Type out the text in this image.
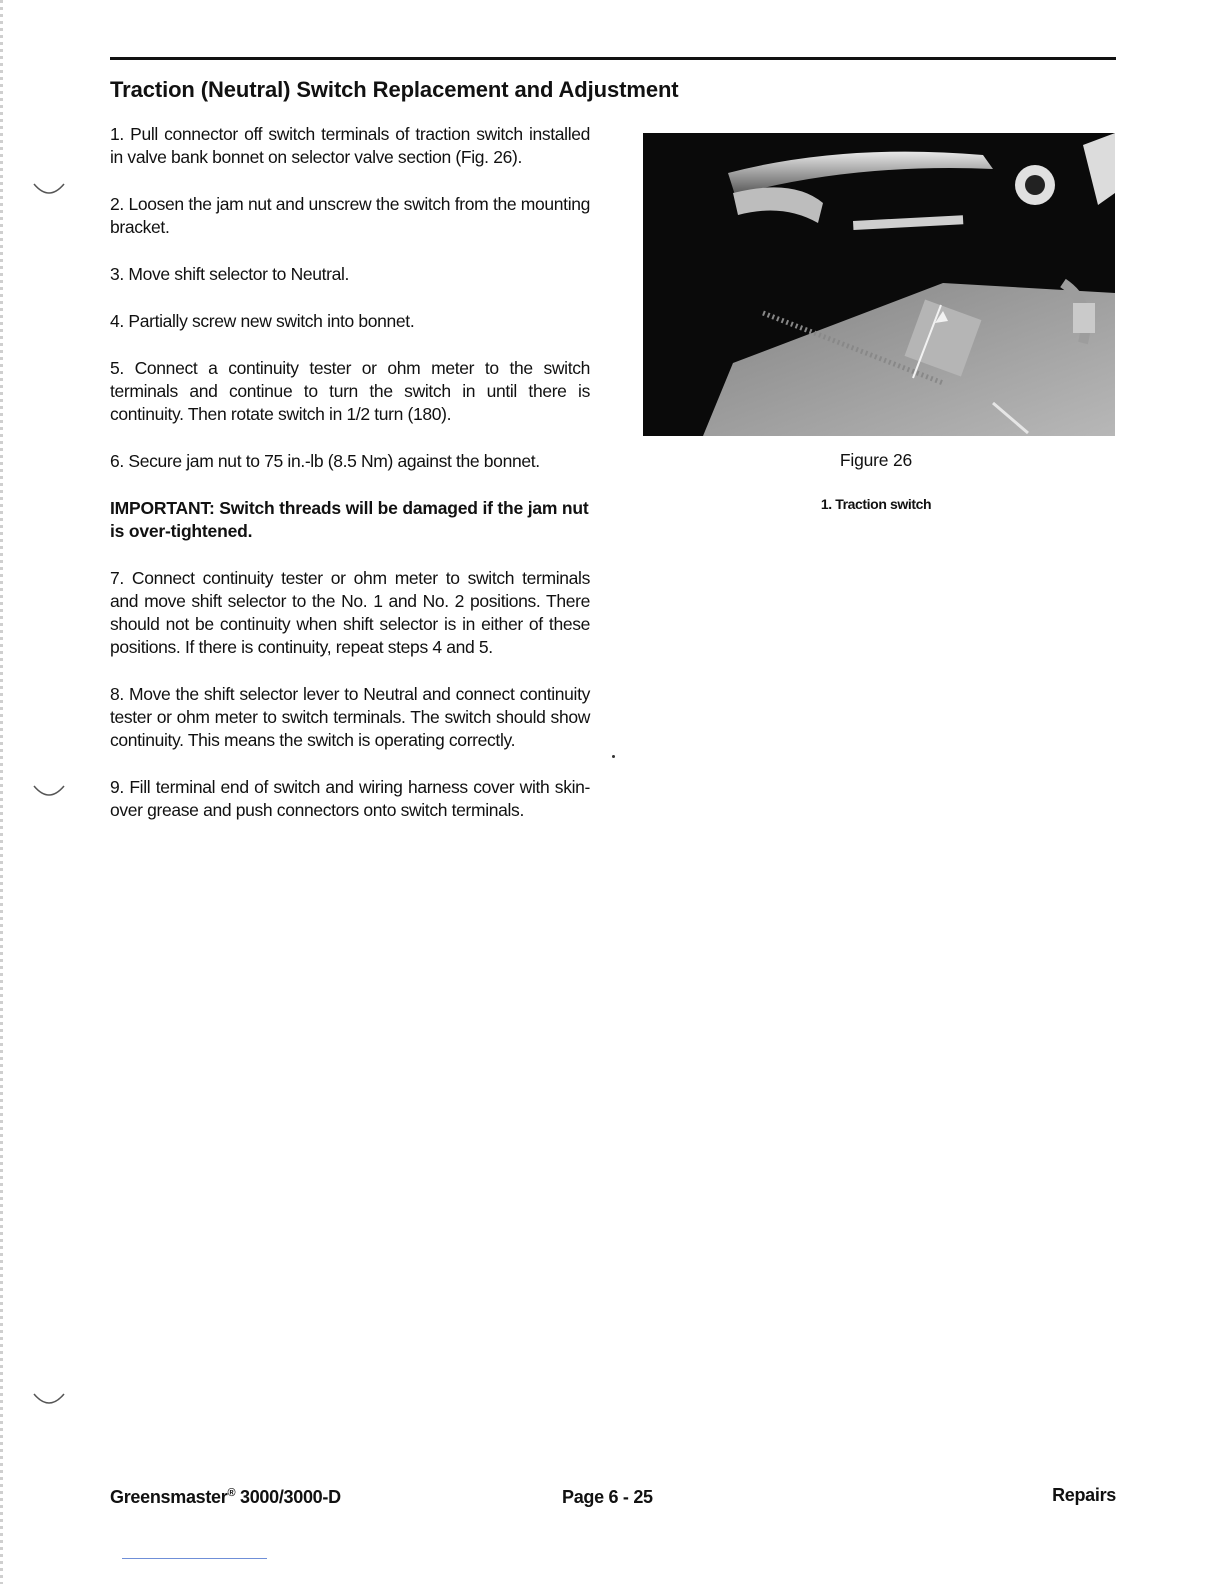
Traction (Neutral) Switch Replacement and Adjustment

1. Pull connector off switch terminals of traction switch installed in valve bank bonnet on selector valve section (Fig. 26).

2. Loosen the jam nut and unscrew the switch from the mounting bracket.

3. Move shift selector to Neutral.

4. Partially screw new switch into bonnet.

5. Connect a continuity tester or ohm meter to the switch terminals and continue to turn the switch in until there is continuity. Then rotate switch in 1/2 turn (180).

6. Secure jam nut to 75 in.-lb (8.5 Nm) against the bonnet.

IMPORTANT: Switch threads will be damaged if the jam nut is over-tightened.

7. Connect continuity tester or ohm meter to switch terminals and move shift selector to the No. 1 and No. 2 positions. There should not be continuity when shift selector is in either of these positions. If there is continuity, repeat steps 4 and 5.

8. Move the shift selector lever to Neutral and connect continuity tester or ohm meter to switch terminals. The switch should show continuity. This means the switch is operating correctly.

9. Fill terminal end of switch and wiring harness cover with skin-over grease and push connectors onto switch terminals.

Figure 26
1. Traction switch
Greensmaster® 3000/3000-D	Page 6 - 25	Repairs
